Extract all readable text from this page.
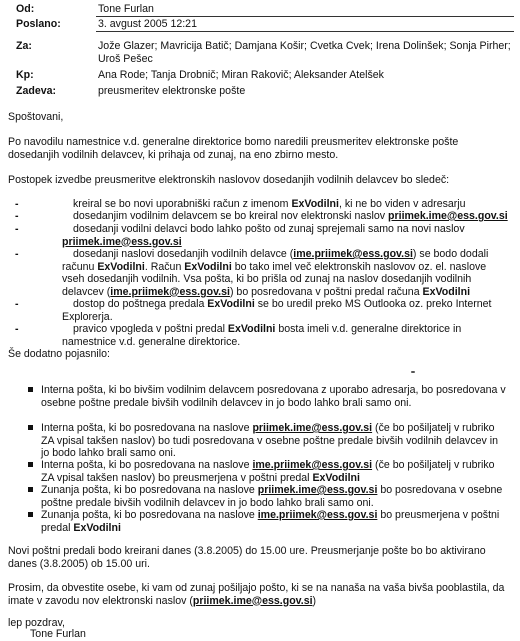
Od:	Tone Furlan
Poslano:	3. avgust 2005 12:21
Za:	Jože Glazer; Mavricija Batič; Damjana Košir; Cvetka Cvek; Irena Dolinšek; Sonja Pirher; Uroš Pešec
Kp:	Ana Rode; Tanja Drobnič; Miran Rakovič; Aleksander Atelšek
Zadeva:	preusmeritev elektronske pošte
Spoštovani,
Po navodilu namestnice v.d. generalne direktorice bomo naredili preusmeritev elektronske pošte dosedanjih vodilnih delavcev, ki prihaja od zunaj, na eno zbirno mesto.
Postopek izvedbe preusmeritve elektronskih naslovov dosedanjih vodilnih delavcev bo sledeč:
-	kreiral se bo novi uporabniški račun z imenom ExVodilni, ki ne bo viden v adresarju
-	dosedanjim vodilnim delavcem se bo kreiral nov elektronski naslov priimek.ime@ess.gov.si
-	dosedanji vodilni delavci bodo lahko pošto od zunaj sprejemali samo na novi naslov priimek.ime@ess.gov.si
-	dosedanji naslovi dosedanjih vodilnih delavce (ime.priimek@ess.gov.si) se bodo dodali računu ExVodilni. Račun ExVodilni bo tako imel več elektronskih naslovov oz. el. naslove vseh dosedanjih vodilnih. Vsa pošta, ki bo prišla od zunaj na naslov dosedanjih vodilnih delavcev (ime.priimek@ess.gov.si) bo posredovana v poštni predal računa ExVodilni
-	dostop do poštnega predala ExVodilni se bo uredil preko MS Outlooka oz. preko Internet Explorerja.
-	pravico vpogleda v poštni predal ExVodilni bosta imeli v.d. generalne direktorice in namestnice v.d. generalne direktorice.
Še dodatno pojasnilo:
Interna pošta, ki bo bivšim vodilnim delavcem posredovana z uporabo adresarja, bo posredovana v osebne poštne predale bivših vodilnih delavcev in jo bodo lahko brali samo oni.
Interna pošta, ki bo posredovana na naslove priimek.ime@ess.gov.si (če bo pošiljatelj v rubriko ZA vpisal takšen naslov) bo tudi posredovana v osebne poštne predale bivših vodilnih delavcev in jo bodo lahko brali samo oni.
Interna pošta, ki bo posredovana na naslove ime.priimek@ess.gov.si (če bo pošiljatelj v rubriko ZA vpisal takšen naslov) bo preusmerjena v poštni predal ExVodilni
Zunanja pošta, ki bo posredovana na naslove priimek.ime@ess.gov.si bo posredovana v osebne poštne predale bivših vodilnih delavcev in jo bodo lahko brali samo oni.
Zunanja pošta, ki bo posredovana na naslove ime.priimek@ess.gov.si bo preusmerjena v poštni predal ExVodilni
Novi poštni predali bodo kreirani danes (3.8.2005) do 15.00 ure. Preusmerjanje pošte bo bo aktivirano danes (3.8.2005) ob 15.00 uri.
Prosim, da obvestite osebe, ki vam od zunaj pošiljajo pošto, ki se na nanaša na vaša bivša pooblastila, da imate v zavodu nov elektronski naslov (priimek.ime@ess.gov.si)
lep pozdrav,
Tone Furlan
